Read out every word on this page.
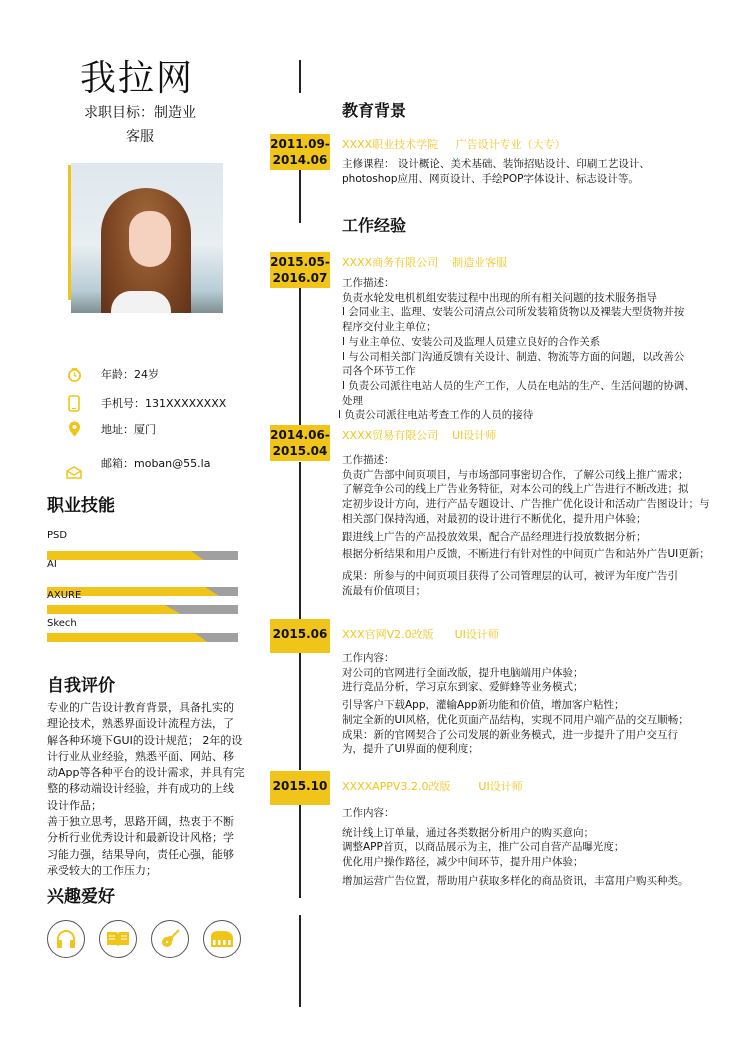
我拉网
求职目标：制造业
客服
年龄：24岁
手机号：131XXXXXXXX
地址：厦门
邮箱：moban@55.la
职业技能
PSD
AI
AXURE
Skech
自我评价
专业的广告设计教育背景，具备扎实的
理论技术，熟悉界面设计流程方法，了
解各种环境下GUI的设计规范； 2年的设
计行业从业经验，熟悉平面、网站、移
动App等各种平台的设计需求，并具有完
整的移动端设计经验，并有成功的上线
设计作品；
善于独立思考，思路开阔，热衷于不断
分析行业优秀设计和最新设计风格；学
习能力强，结果导向，责任心强，能够
承受较大的工作压力；
兴趣爱好
教育背景
2011.09-
2014.06
XXXX职业技术学院     广告设计专业（大专）
主修课程： 设计概论、美术基础、装饰招贴设计、印刷工艺设计、
photoshop应用、网页设计、手绘POP字体设计、标志设计等。
工作经验
2015.05-
2016.07
XXXX商务有限公司    制造业客服
工作描述：
负责水轮发电机机组安装过程中出现的所有相关问题的技术服务指导
l 会同业主、监理、安装公司清点公司所发装箱货物以及裸装大型货物并按
程序交付业主单位；
l 与业主单位、安装公司及监理人员建立良好的合作关系
l 与公司相关部门沟通反馈有关设计、制造、物流等方面的问题，以改善公
司各个环节工作
l 负责公司派往电站人员的生产工作，人员在电站的生产、生活问题的协调、
处理
l 负责公司派往电站考查工作的人员的接待
2014.06-
2015.04
XXXX贸易有限公司    UI设计师
工作描述：
负责广告部中间页项目，与市场部同事密切合作，了解公司线上推广需求；
了解竞争公司的线上广告业务特征，对本公司的线上广告进行不断改进；拟
定初步设计方向，进行产品专题设计、广告推广优化设计和活动广告图设计；与
相关部门保持沟通，对最初的设计进行不断优化，提升用户体验；
跟进线上广告的产品投放效果，配合产品经理进行投放数据分析；
根据分析结果和用户反馈，不断进行有针对性的中间页广告和站外广告UI更新；
成果：所参与的中间页项目获得了公司管理层的认可，被评为年度广告引
流最有价值项目；
2015.06 XXX官网V2.0改版      UI设计师
工作内容：
对公司的官网进行全面改版，提升电脑端用户体验；
进行竞品分析，学习京东到家、爱鲜蜂等业务模式；
引导客户下载App，灌输App新功能和价值，增加客户粘性；
制定全新的UI风格，优化页面产品结构，实现不同用户端产品的交互顺畅；
成果：新的官网契合了公司发展的新业务模式，进一步提升了用户交互行
为，提升了UI界面的便利度；
2015.10 XXXXAPPV3.2.0改版        UI设计师
工作内容：
统计线上订单量，通过各类数据分析用户的购买意向；
调整APP首页，以商品展示为主，推广公司自营产品曝光度；
优化用户操作路径，减少中间环节，提升用户体验；
增加运营广告位置，帮助用户获取多样化的商品资讯，丰富用户购买种类。
